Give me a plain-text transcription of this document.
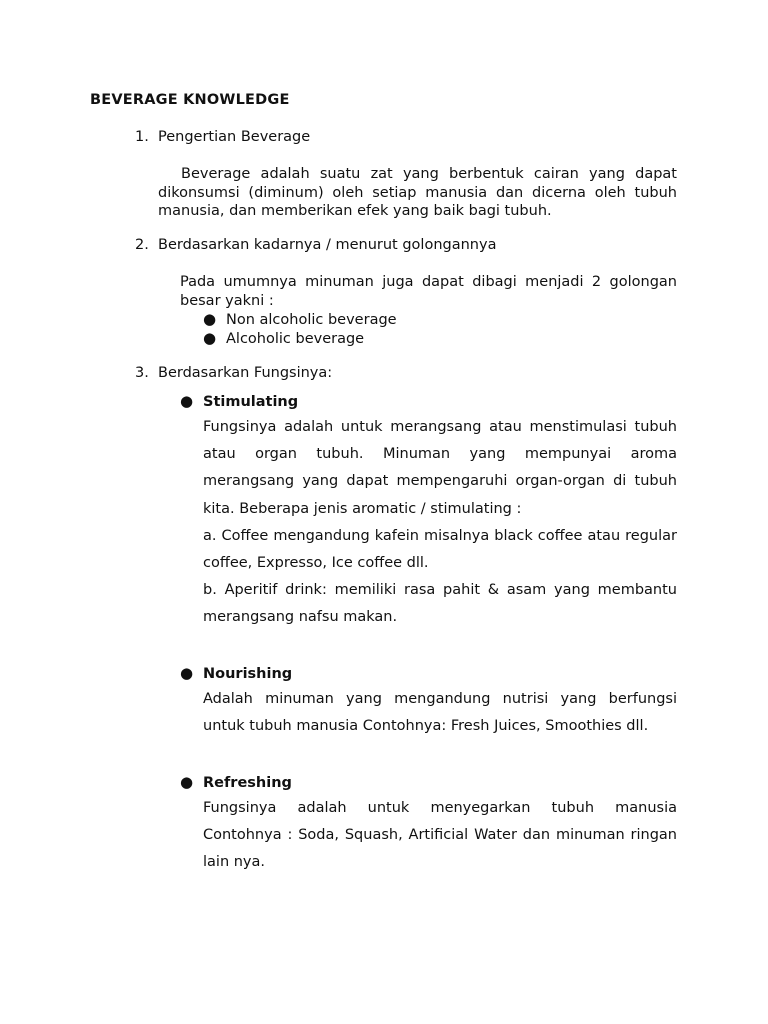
BEVERAGE KNOWLEDGE
1. Pengertian Beverage
Beverage adalah suatu zat yang berbentuk cairan yang dapat dikonsumsi (diminum) oleh setiap manusia dan dicerna oleh tubuh manusia, dan memberikan efek yang baik bagi tubuh.
2. Berdasarkan kadarnya / menurut golongannya
Pada umumnya minuman juga dapat dibagi menjadi 2 golongan besar yakni :
● Non alcoholic beverage
● Alcoholic beverage
3. Berdasarkan Fungsinya:
● Stimulating

Fungsinya adalah untuk merangsang atau menstimulasi tubuh atau organ tubuh. Minuman yang mempunyai aroma merangsang yang dapat mempengaruhi organ-organ di tubuh kita. Beberapa jenis aromatic / stimulating :

a. Coffee mengandung kafein misalnya black coffee atau regular coffee, Expresso, Ice coffee dll.

b. Aperitif drink: memiliki rasa pahit & asam yang membantu merangsang nafsu makan.

● Nourishing

Adalah minuman yang mengandung nutrisi yang berfungsi untuk tubuh manusia Contohnya: Fresh Juices, Smoothies dll.

● Refreshing

Fungsinya adalah untuk menyegarkan tubuh manusia Contohnya : Soda, Squash, Artificial Water dan minuman ringan lain nya.
